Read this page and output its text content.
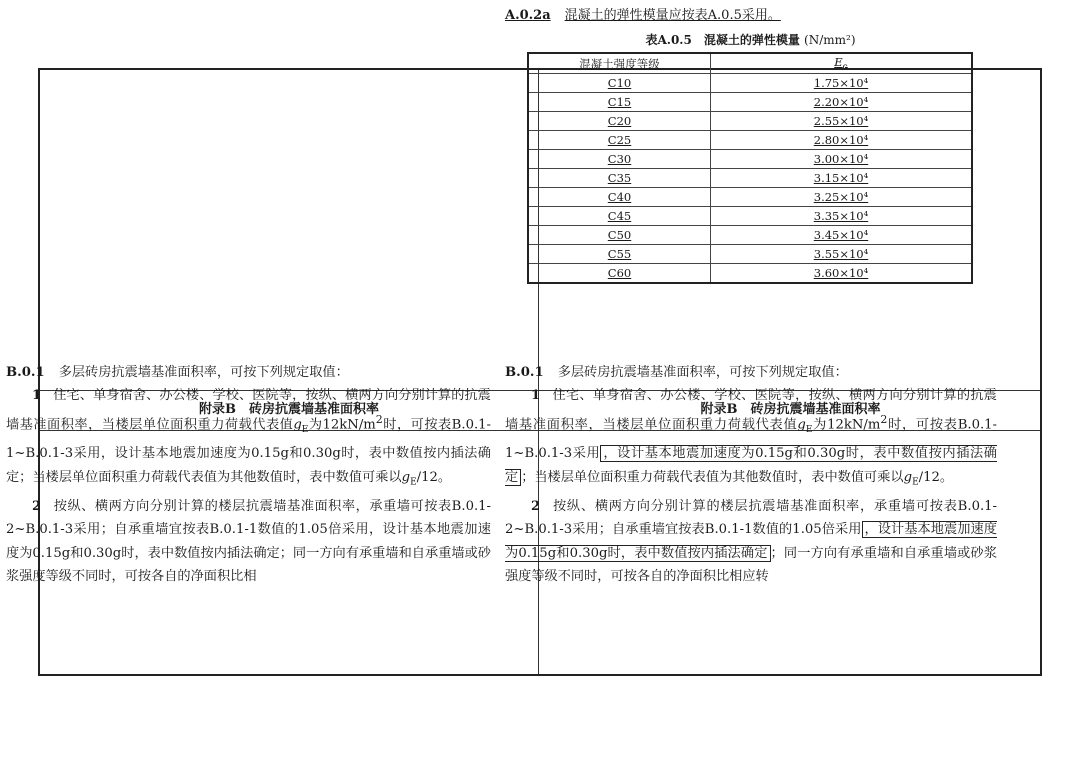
附录B　砖房抗震墙基准面积率	附录B　砖房抗震墙基准面积率
A.0.2a 混凝土的弹性模量应按表A.0.5采用。
表A.0.5　混凝土的弹性模量 (N/mm²)
混凝土强度等级	$E_c$
C10	1.75×10⁴
C15	2.20×10⁴
C20	2.55×10⁴
C25	2.80×10⁴
C30	3.00×10⁴
C35	3.15×10⁴
C40	3.25×10⁴
C45	3.35×10⁴
C50	3.45×10⁴
C55	3.55×10⁴
C60	3.60×10⁴

B.0.1 多层砖房抗震墙基准面积率，可按下列规定取值：

1 住宅、单身宿舍、办公楼、学校、医院等，按纵、横两方向分别计算的抗震墙基准面积率，当楼层单位面积重力荷载代表值$g_E$为$12kN/m^2$时，可按表B.0.1-1~B.0.1-3采用，设计基本地震加速度为0.15g和0.30g时，表中数值按内插法确定；当楼层单位面积重力荷载代表值为其他数值时，表中数值可乘以$g_E/12$。

2 按纵、横两方向分别计算的楼层抗震墙基准面积率，承重墙可按表B.0.1-2~B.0.1-3采用；自承重墙宜按表B.0.1-1数值的1.05倍采用，设计基本地震加速度为0.15g和0.30g时，表中数值按内插法确定；同一方向有承重墙和自承重墙或砂浆强度等级不同时，可按各自的净面积比相

B.0.1 多层砖房抗震墙基准面积率，可按下列规定取值：

1 住宅、单身宿舍、办公楼、学校、医院等，按纵、横两方向分别计算的抗震墙基准面积率，当楼层单位面积重力荷载代表值$g_E$为$12kN/m^2$时，可按表B.0.1-1~B.0.1-3采用 ，设计基本地震加速度为0.15g和0.30g时，表中数值按内插法确定 ；当楼层单位面积重力荷载代表值为其他数值时，表中数值可乘以$g_E/12$。

2 按纵、横两方向分别计算的楼层抗震墙基准面积率，承重墙可按表B.0.1-2~B.0.1-3采用；自承重墙宜按表B.0.1-1数值的1.05倍采用 ，设计基本地震加速度为0.15g和0.30g时，表中数值按内插法确定 ；同一方向有承重墙和自承重墙或砂浆强度等级不同时，可按各自的净面积比相应转
